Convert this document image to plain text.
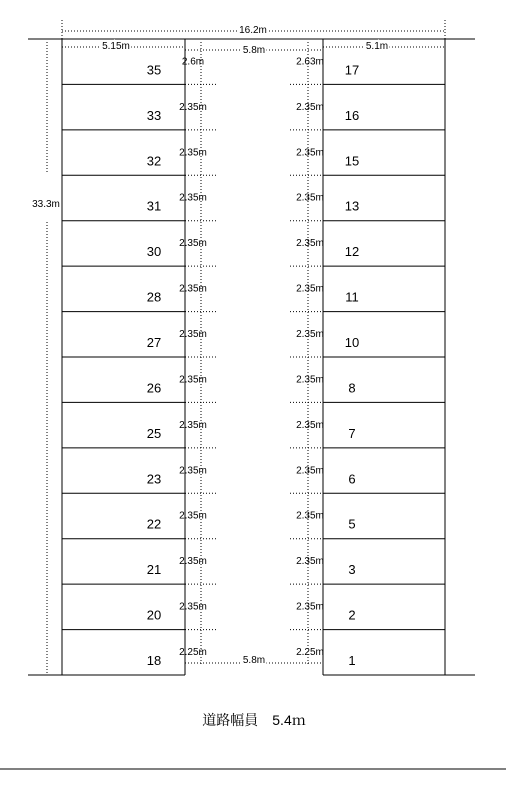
16.2m
5.15m	5.8m	5.1m
33.3m
5.8m
35
2.6m
33
2.35m
32
2.35m
31
2.35m
30
2.35m
28
2.35m
27
2.35m
26
2.35m
25
2.35m
23
2.35m
22
2.35m
21
2.35m
20
2.35m
18
2.25m
17
2.63m
16
2.35m
15
2.35m
13
2.35m
12
2.35m
11
2.35m
10
2.35m
8
2.35m
7
2.35m
6
2.35m
5
2.35m
3
2.35m
2
2.35m
1
2.25m
道路幅員　5.4ｍ
